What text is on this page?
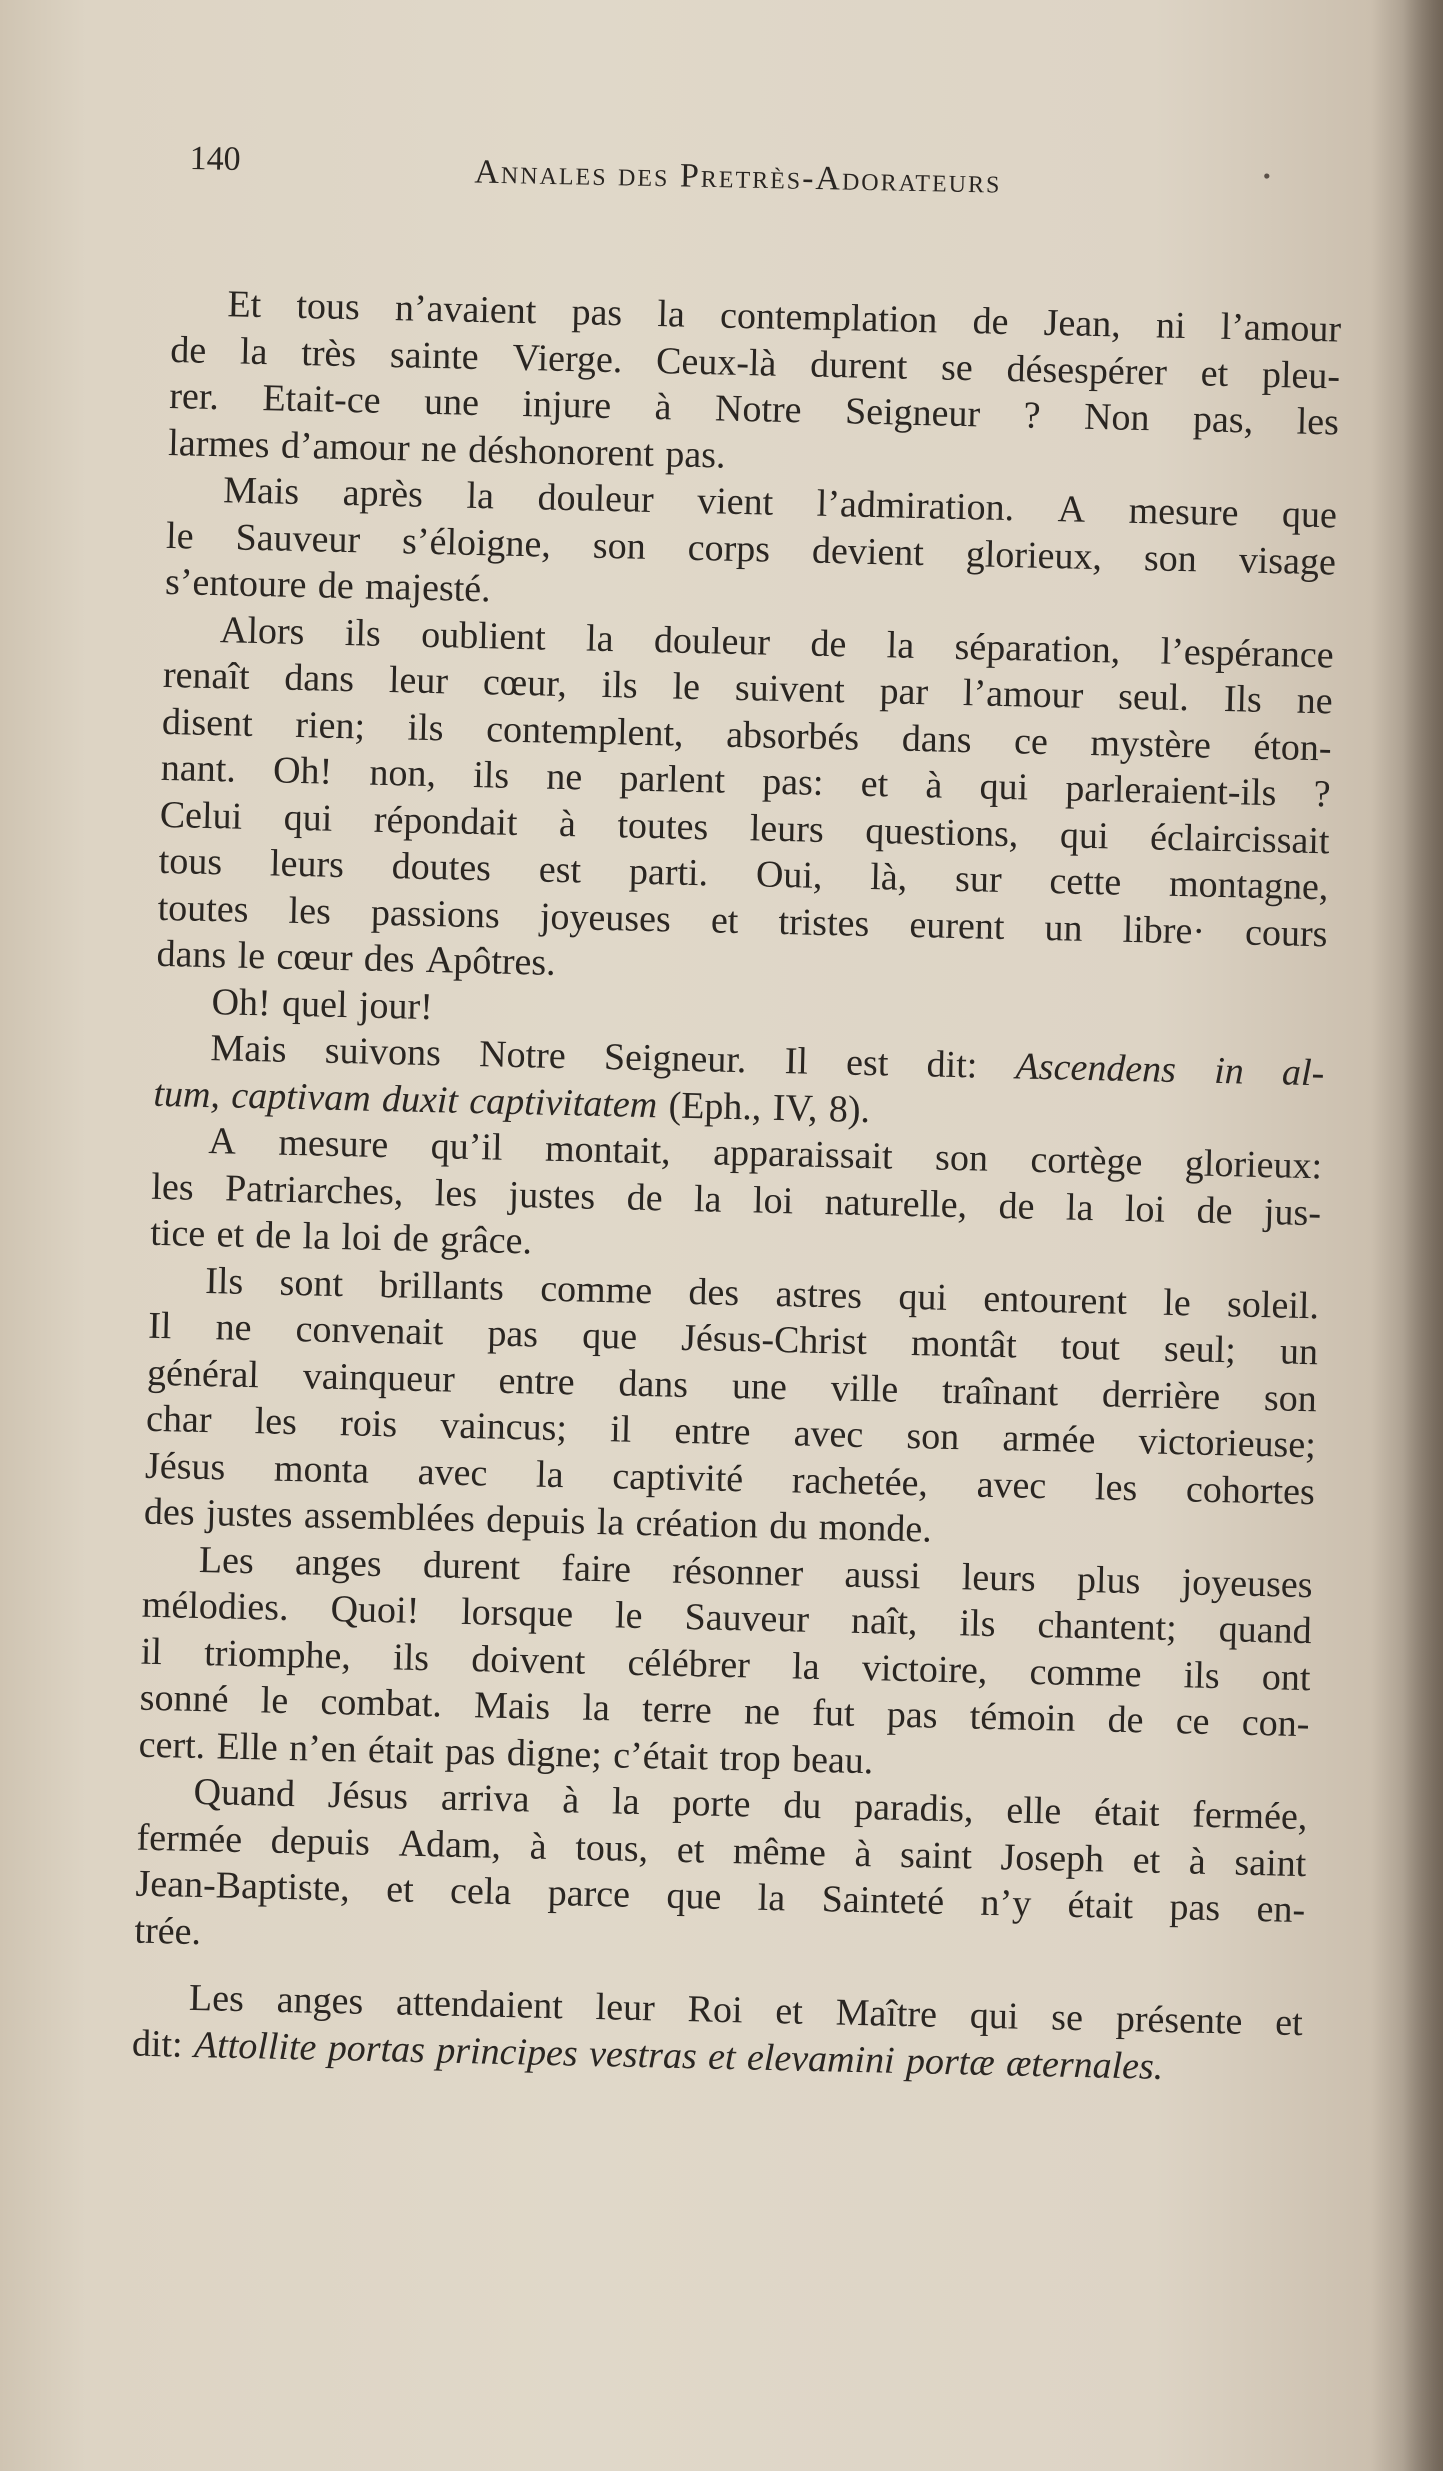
140	Annales des Pretrès-Adorateurs	•
Et tous n’avaient pas la contemplation de Jean, ni l’amour
de la très sainte Vierge. Ceux-là durent se désespérer et pleu-
rer. Etait-ce une injure à Notre Seigneur ? Non pas, les
larmes d’amour ne déshonorent pas.
Mais après la douleur vient l’admiration. A mesure que
le Sauveur s’éloigne, son corps devient glorieux, son visage
s’entoure de majesté.
Alors ils oublient la douleur de la séparation, l’espérance
renaît dans leur cœur, ils le suivent par l’amour seul. Ils ne
disent rien; ils contemplent, absorbés dans ce mystère éton-
nant. Oh! non, ils ne parlent pas: et à qui parleraient-ils ?
Celui qui répondait à toutes leurs questions, qui éclaircissait
tous leurs doutes est parti. Oui, là, sur cette montagne,
toutes les passions joyeuses et tristes eurent un libre· cours
dans le cœur des Apôtres.
Oh! quel jour!
Mais suivons Notre Seigneur. Il est dit: Ascendens in al-
tum, captivam duxit captivitatem (Eph., IV, 8).
A mesure qu’il montait, apparaissait son cortège glorieux:
les Patriarches, les justes de la loi naturelle, de la loi de jus-
tice et de la loi de grâce.
Ils sont brillants comme des astres qui entourent le soleil.
Il ne convenait pas que Jésus-Christ montât tout seul; un
général vainqueur entre dans une ville traînant derrière son
char les rois vaincus; il entre avec son armée victorieuse;
Jésus monta avec la captivité rachetée, avec les cohortes
des justes assemblées depuis la création du monde.
Les anges durent faire résonner aussi leurs plus joyeuses
mélodies. Quoi! lorsque le Sauveur naît, ils chantent; quand
il triomphe, ils doivent célébrer la victoire, comme ils ont
sonné le combat. Mais la terre ne fut pas témoin de ce con-
cert. Elle n’en était pas digne; c’était trop beau.
Quand Jésus arriva à la porte du paradis, elle était fermée,
fermée depuis Adam, à tous, et même à saint Joseph et à saint
Jean-Baptiste, et cela parce que la Sainteté n’y était pas en-
trée.
Les anges attendaient leur Roi et Maître qui se présente et
dit: Attollite portas principes vestras et elevamini portæ æternales.
